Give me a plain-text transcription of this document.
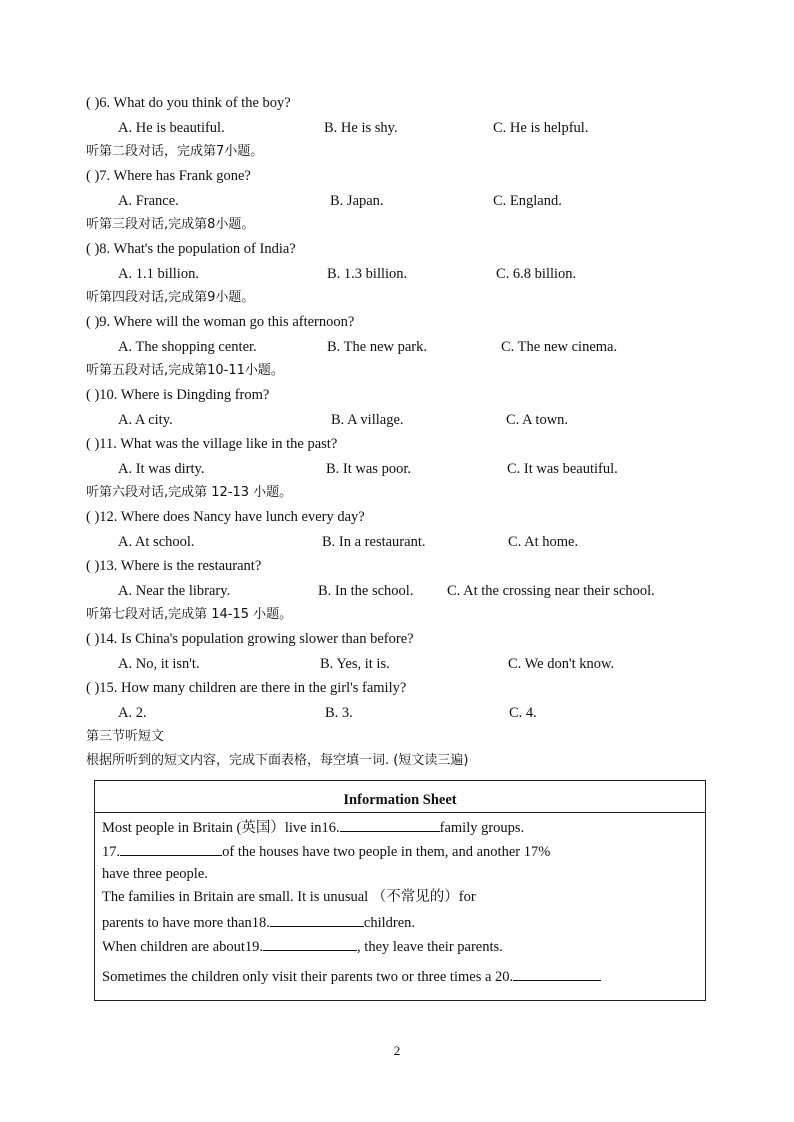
( )6. What do you think of the boy?
A. He is beautiful.	B. He is shy.	C. He is helpful.
听第二段对话，完成第7小题。
( )7. Where has Frank gone?
A. France.	B. Japan.	C. England.
听第三段对话,完成第8小题。
( )8. What's the population of India?
A. 1.1 billion.	B. 1.3 billion.	C. 6.8 billion.
听第四段对话,完成第9小题。
( )9. Where will the woman go this afternoon?
A. The shopping center.	B. The new park.	C. The new cinema.
听第五段对话,完成第10-11小题。
( )10. Where is Dingding from?
A. A city.	B. A village.	C. A town.
( )11. What was the village like in the past?
A. It was dirty.	B. It was poor.	C. It was beautiful.
听第六段对话,完成第 12-13 小题。
( )12. Where does Nancy have lunch every day?
A. At school.	B. In a restaurant.	C. At home.
( )13. Where is the restaurant?
A. Near the library.	B. In the school. C. At the crossing near their school.
听第七段对话,完成第 14-15 小题。
( )14. Is China's population growing slower than before?
A. No, it isn't.	B. Yes, it is.	C. We don't know.
( )15. How many children are there in the girl's family?
A. 2.	B. 3.	C. 4.
第三节听短文
根据所听到的短文内容，完成下面表格，每空填一词. (短文读三遍)
Information Sheet
Most people in Britain (英国）live in16.	family groups.
17.	of the houses have two people in them, and another 17%
have three people.
The families in Britain are small. It is unusual （不常见的）for
parents to have more than18.	children.
When children are about19.	, they leave their parents.
Sometimes the children only visit their parents two or three times a 20.
2
